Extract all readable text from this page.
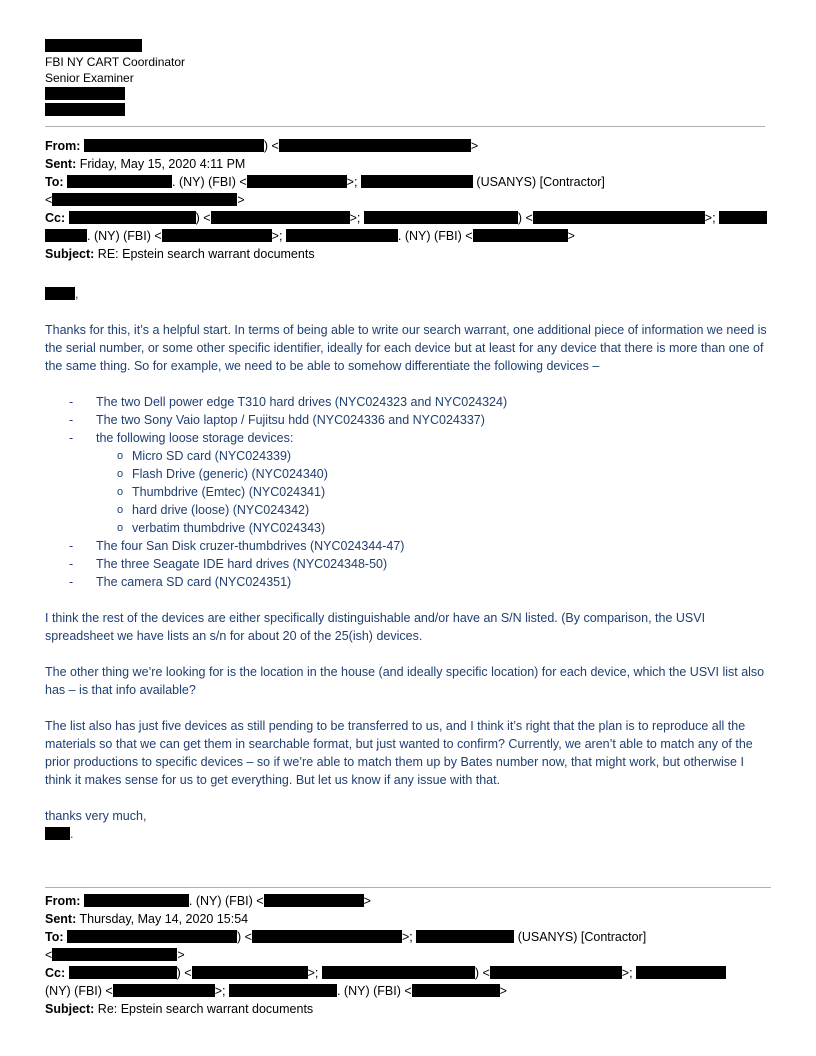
FBI NY CART Coordinator
Senior Examiner
From:	) <	>
Sent: Friday, May 15, 2020 4:11 PM
To:	. (NY) (FBI) <	>;	(USANYS) [Contractor]
<	>
Cc:	) <	>;	) <	>;
. (NY) (FBI) <	>;	. (NY) (FBI) <	>
Subject: RE: Epstein search warrant documents

,

Thanks for this, it’s a helpful start. In terms of being able to write our search warrant, one additional piece of information we need is the serial number, or some other specific identifier, ideally for each device but at least for any device that there is more than one of the same thing. So for example, we need to be able to somehow differentiate the following devices –

- The two Dell power edge T310 hard drives (NYC024323 and NYC024324)
- The two Sony Vaio laptop / Fujitsu hdd (NYC024336 and NYC024337)
- the following loose storage devices:
o Micro SD card (NYC024339)
o Flash Drive (generic) (NYC024340)
o Thumbdrive (Emtec) (NYC024341)
o hard drive (loose) (NYC024342)
o verbatim thumbdrive (NYC024343)
- The four San Disk cruzer-thumbdrives (NYC024344-47)
- The three Seagate IDE hard drives (NYC024348-50)
- The camera SD card (NYC024351)

I think the rest of the devices are either specifically distinguishable and/or have an S/N listed. (By comparison, the USVI spreadsheet we have lists an s/n for about 20 of the 25(ish) devices.

The other thing we’re looking for is the location in the house (and ideally specific location) for each device, which the USVI list also has – is that info available?

The list also has just five devices as still pending to be transferred to us, and I think it’s right that the plan is to reproduce all the materials so that we can get them in searchable format, but just wanted to confirm? Currently, we aren’t able to match any of the prior productions to specific devices – so if we’re able to match them up by Bates number now, that might work, but otherwise I think it makes sense for us to get everything. But let us know if any issue with that.

thanks very much,

.

From:	. (NY) (FBI) <	>
Sent: Thursday, May 14, 2020 15:54
To:	) <	>;	(USANYS) [Contractor]
<	>
Cc:	) <	>;	) <	>;
(NY) (FBI) <	>;	. (NY) (FBI) <	>
Subject: Re: Epstein search warrant documents
